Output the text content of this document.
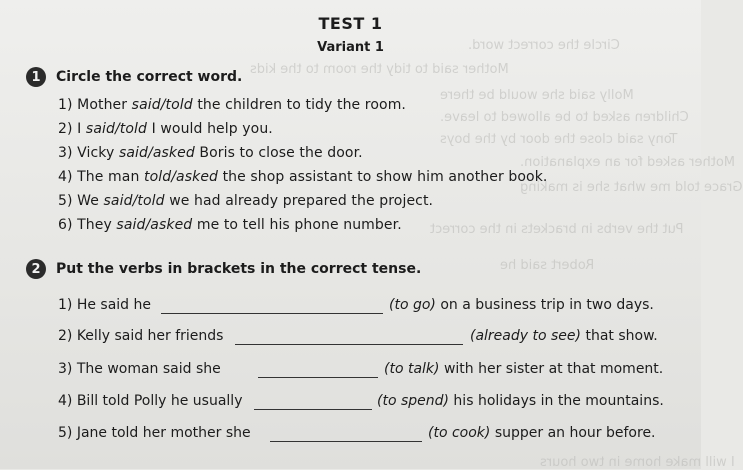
Circle the correct word.
Mother said to tidy the room to the kids
Molly said she would be there
Children asked to be allowed to leave.
Tony said close the door by the boys
Mother asked for an explanation.
Grace told me what she is making
Put the verbs in brackets in the correct
Robert said he
I will make home in two hours
TEST 1
Variant 1
1	Circle the correct word.
1) Mother said/told the children to tidy the room.
2) I said/told I would help you.
3) Vicky said/asked Boris to close the door.
4) The man told/asked the shop assistant to show him another book.
5) We said/told we had already prepared the project.
6) They said/asked me to tell his phone number.
2	Put the verbs in brackets in the correct tense.
1) He said he	(to go) on a business trip in two days.
2) Kelly said her friends	(already to see) that show.
3) The woman said she	(to talk) with her sister at that moment.
4) Bill told Polly he usually	(to spend) his holidays in the mountains.
5) Jane told her mother she	(to cook) supper an hour before.
